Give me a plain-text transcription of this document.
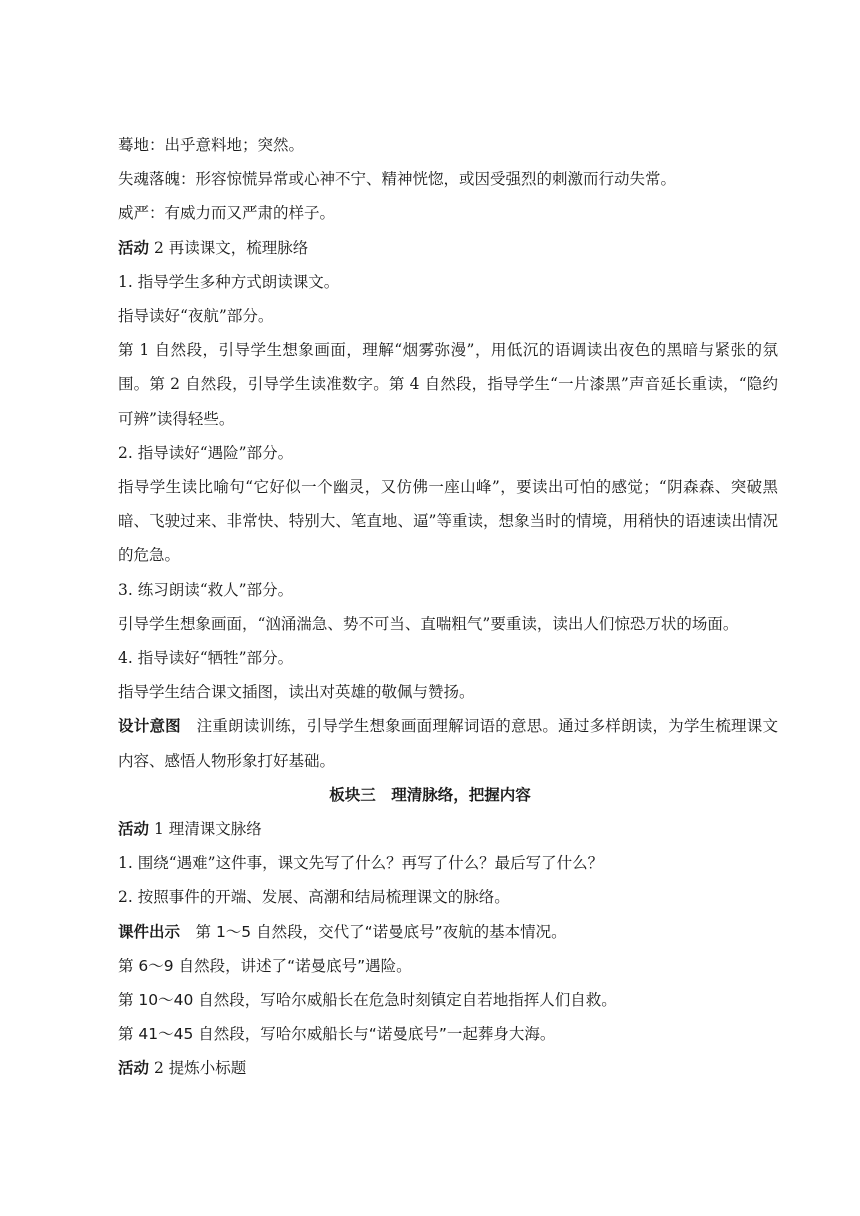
蓦地：出乎意料地；突然。

失魂落魄：形容惊慌异常或心神不宁、精神恍惚，或因受强烈的刺激而行动失常。

威严：有威力而又严肃的样子。

活动 2 再读课文，梳理脉络

1. 指导学生多种方式朗读课文。

指导读好“夜航”部分。

第 1 自然段，引导学生想象画面，理解“烟雾弥漫”，用低沉的语调读出夜色的黑暗与紧张的氛围。第 2 自然段，引导学生读准数字。第 4 自然段，指导学生“一片漆黑”声音延长重读，“隐约可辨”读得轻些。

2. 指导读好“遇险”部分。

指导学生读比喻句“它好似一个幽灵，又仿佛一座山峰”，要读出可怕的感觉；“阴森森、突破黑暗、飞驶过来、非常快、特别大、笔直地、逼”等重读，想象当时的情境，用稍快的语速读出情况的危急。

3. 练习朗读“救人”部分。

引导学生想象画面，“汹涌湍急、势不可当、直喘粗气”要重读，读出人们惊恐万状的场面。

4. 指导读好“牺牲”部分。

指导学生结合课文插图，读出对英雄的敬佩与赞扬。

设计意图　注重朗读训练，引导学生想象画面理解词语的意思。通过多样朗读，为学生梳理课文内容、感悟人物形象打好基础。

板块三　理清脉络，把握内容

活动 1 理清课文脉络

1. 围绕“遇难”这件事，课文先写了什么？再写了什么？最后写了什么？

2. 按照事件的开端、发展、高潮和结局梳理课文的脉络。

课件出示　第 1～5 自然段，交代了“诺曼底号”夜航的基本情况。

第 6～9 自然段，讲述了“诺曼底号”遇险。

第 10～40 自然段，写哈尔威船长在危急时刻镇定自若地指挥人们自救。

第 41～45 自然段，写哈尔威船长与“诺曼底号”一起葬身大海。

活动 2 提炼小标题
